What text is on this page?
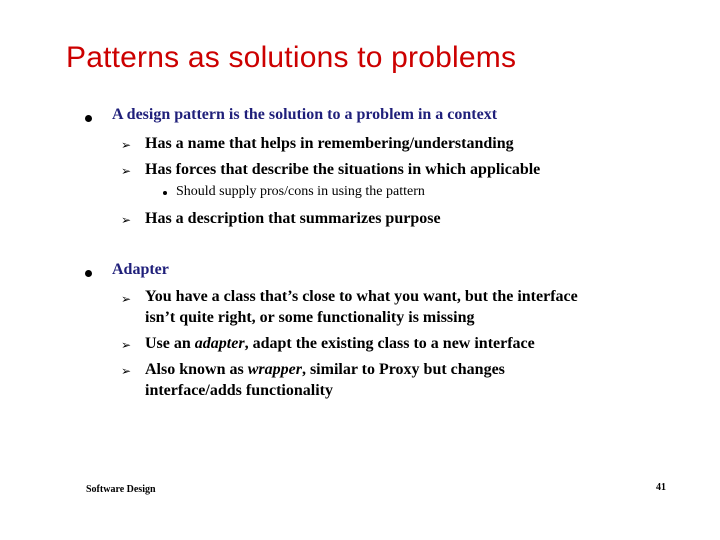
Patterns as solutions to problems
A design pattern is the solution to a problem in a context
➢ Has a name that helps in remembering/understanding
➢ Has forces that describe the situations in which applicable
Should supply pros/cons in using the pattern
➢ Has a description that summarizes purpose
Adapter
➢ You have a class that’s close to what you want, but the interface
isn’t quite right, or some functionality is missing
➢ Use an adapter, adapt the existing class to a new interface
➢ Also known as wrapper, similar to Proxy but changes
interface/adds functionality
Software Design	41
